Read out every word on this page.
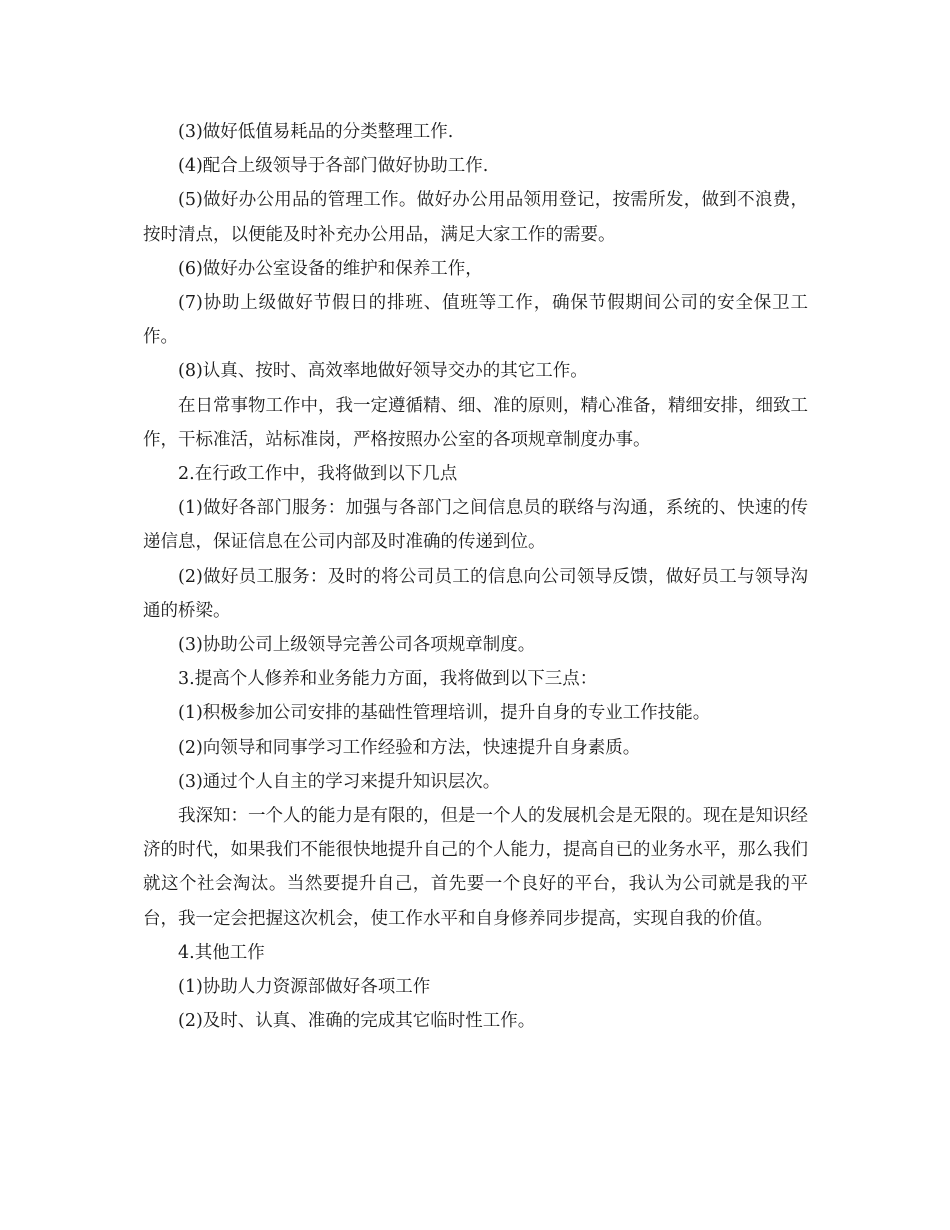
(3)做好低值易耗品的分类整理工作.

(4)配合上级领导于各部门做好协助工作.

(5)做好办公用品的管理工作。做好办公用品领用登记，按需所发，做到不浪费，按时清点，以便能及时补充办公用品，满足大家工作的需要。

(6)做好办公室设备的维护和保养工作，

(7)协助上级做好节假日的排班、值班等工作，确保节假期间公司的安全保卫工作。

(8)认真、按时、高效率地做好领导交办的其它工作。

在日常事物工作中，我一定遵循精、细、准的原则，精心准备，精细安排，细致工作，干标准活，站标准岗，严格按照办公室的各项规章制度办事。

2.在行政工作中，我将做到以下几点

(1)做好各部门服务：加强与各部门之间信息员的联络与沟通，系统的、快速的传递信息，保证信息在公司内部及时准确的传递到位。

(2)做好员工服务：及时的将公司员工的信息向公司领导反馈，做好员工与领导沟通的桥梁。

(3)协助公司上级领导完善公司各项规章制度。

3.提高个人修养和业务能力方面，我将做到以下三点：

(1)积极参加公司安排的基础性管理培训，提升自身的专业工作技能。

(2)向领导和同事学习工作经验和方法，快速提升自身素质。

(3)通过个人自主的学习来提升知识层次。

我深知：一个人的能力是有限的，但是一个人的发展机会是无限的。现在是知识经济的时代，如果我们不能很快地提升自己的个人能力，提高自已的业务水平，那么我们就这个社会淘汰。当然要提升自己，首先要一个良好的平台，我认为公司就是我的平台，我一定会把握这次机会，使工作水平和自身修养同步提高，实现自我的价值。

4.其他工作

(1)协助人力资源部做好各项工作

(2)及时、认真、准确的完成其它临时性工作。
